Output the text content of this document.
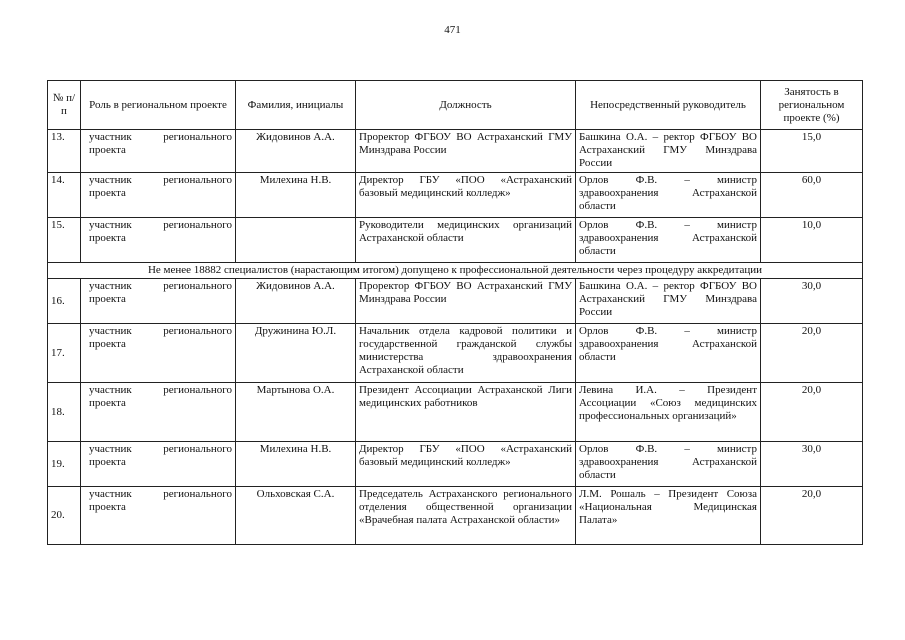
471
№ п/п	Роль в региональном проекте	Фамилия, инициалы	Должность	Непосредственный руководитель	Занятость в региональном проекте (%)
13.	участник регионального проекта	Жидовинов А.А.	Проректор ФГБОУ ВО Астраханский ГМУ Минздрава России	Башкина О.А. – ректор ФГБОУ ВО Астраханский ГМУ Минздрава России	15,0
14.	участник регионального проекта	Милехина Н.В.	Директор ГБУ «ПОО «Астраханский базовый медицинский колледж»	Орлов Ф.В. – министр здравоохранения Астраханской области	60,0
15.	участник регионального проекта		Руководители медицинских организаций Астраханской области	Орлов Ф.В. – министр здравоохранения Астраханской области	10,0
Не менее 18882 специалистов (нарастающим итогом) допущено к профессиональной деятельности через процедуру аккредитации					
16.	участник регионального проекта	Жидовинов А.А.	Проректор ФГБОУ ВО Астраханский ГМУ Минздрава России	Башкина О.А. – ректор ФГБОУ ВО Астраханский ГМУ Минздрава России	30,0
17.	участник регионального проекта	Дружинина Ю.Л.	Начальник отдела кадровой политики и государственной гражданской службы министерства здравоохранения Астраханской области	Орлов Ф.В. – министр здравоохранения Астраханской области	20,0
18.	участник регионального проекта	Мартынова О.А.	Президент Ассоциации Астраханской Лиги медицинских работников	Левина И.А. – Президент Ассоциации «Союз медицинских профессиональных организаций»	20,0
19.	участник регионального проекта	Милехина Н.В.	Директор ГБУ «ПОО «Астраханский базовый медицинский колледж»	Орлов Ф.В. – министр здравоохранения Астраханской области	30,0
20.	участник регионального проекта	Ольховская С.А.	Председатель Астраханского регионального отделения общественной организации «Врачебная палата Астраханской области»	Л.М. Рошаль – Президент Союза «Национальная Медицинская Палата»	20,0
